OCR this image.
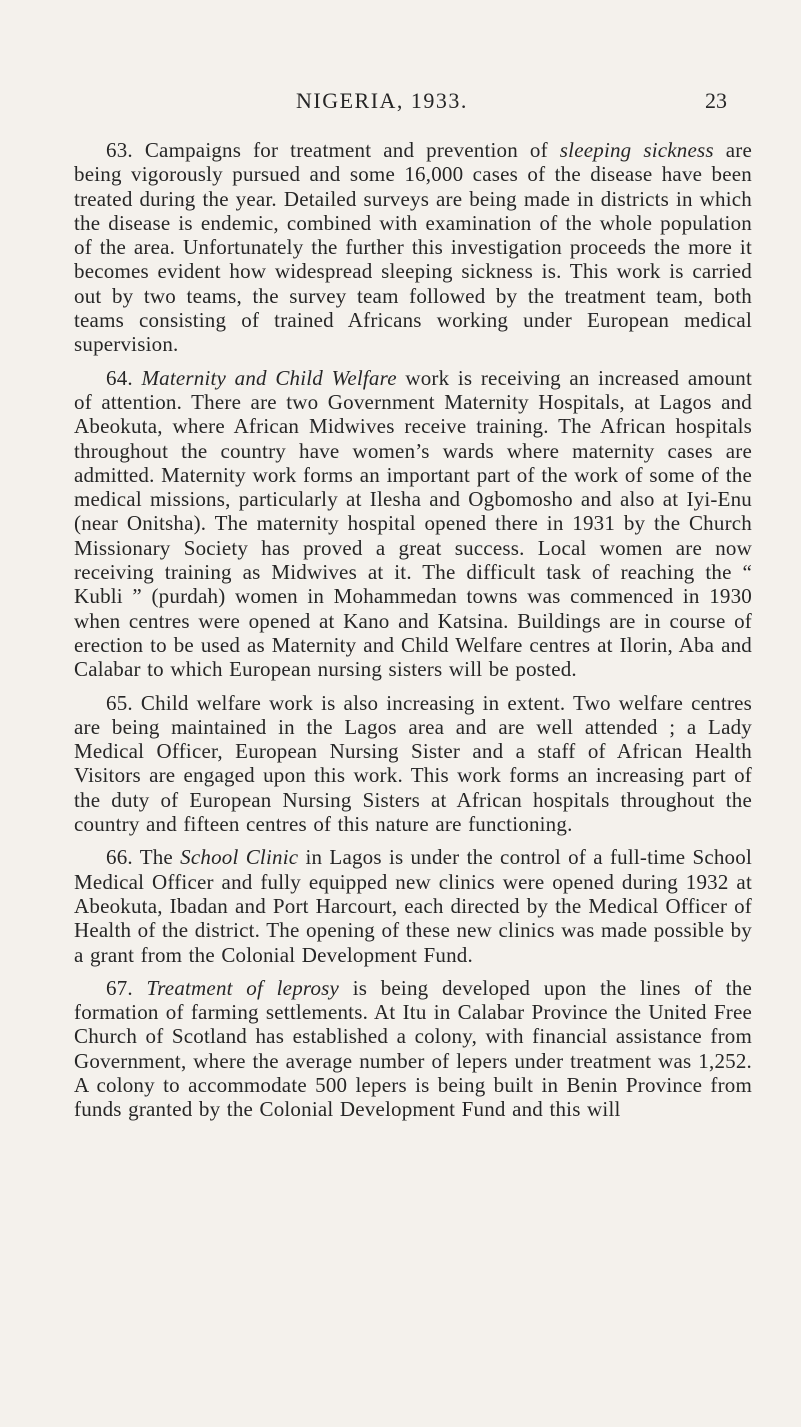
NIGERIA, 1933.	23

63. Campaigns for treatment and prevention of sleeping sickness are being vigorously pursued and some 16,000 cases of the disease have been treated during the year. Detailed surveys are being made in districts in which the disease is endemic, combined with examination of the whole population of the area. Unfortunately the further this investigation proceeds the more it becomes evident how widespread sleeping sickness is. This work is carried out by two teams, the survey team followed by the treatment team, both teams consisting of trained Africans working under European medical supervision.

64. Maternity and Child Welfare work is receiving an increased amount of attention. There are two Government Maternity Hospitals, at Lagos and Abeokuta, where African Midwives receive training. The African hospitals throughout the country have women’s wards where maternity cases are admitted. Maternity work forms an important part of the work of some of the medical missions, particularly at Ilesha and Ogbomosho and also at Iyi-Enu (near Onitsha). The maternity hospital opened there in 1931 by the Church Missionary Society has proved a great success. Local women are now receiving training as Midwives at it. The difficult task of reaching the “ Kubli ” (purdah) women in Mohammedan towns was commenced in 1930 when centres were opened at Kano and Katsina. Buildings are in course of erection to be used as Maternity and Child Welfare centres at Ilorin, Aba and Calabar to which European nursing sisters will be posted.

65. Child welfare work is also increasing in extent. Two welfare centres are being maintained in the Lagos area and are well attended ; a Lady Medical Officer, European Nursing Sister and a staff of African Health Visitors are engaged upon this work. This work forms an increasing part of the duty of European Nursing Sisters at African hospitals throughout the country and fifteen centres of this nature are functioning.

66. The School Clinic in Lagos is under the control of a full-time School Medical Officer and fully equipped new clinics were opened during 1932 at Abeokuta, Ibadan and Port Harcourt, each directed by the Medical Officer of Health of the district. The opening of these new clinics was made possible by a grant from the Colonial Development Fund.

67. Treatment of leprosy is being developed upon the lines of the formation of farming settlements. At Itu in Calabar Province the United Free Church of Scotland has established a colony, with financial assistance from Government, where the average number of lepers under treatment was 1,252. A colony to accommodate 500 lepers is being built in Benin Province from funds granted by the Colonial Development Fund and this will
